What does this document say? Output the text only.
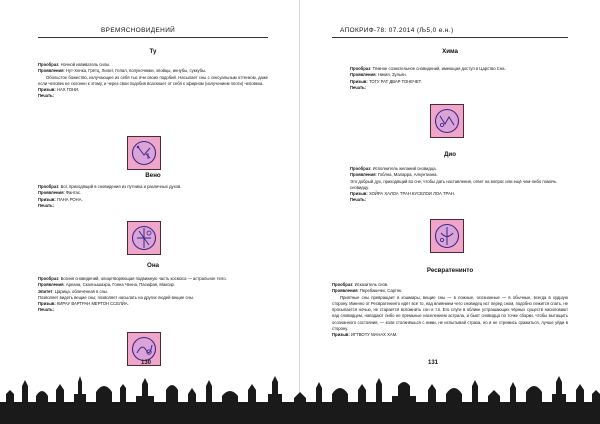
ВРЕМЯСНОВИДЕНИЙ
Ту

Прообраз: Ночной извиватель силы.

Проявления: Нут-Хенка, Грётц, Лилит, Гелал, полуночники, эпойцы, иннубы, суккубы.

Обольстое божество, излучающее из себя тыс ячи своих подобий. Насылает сны с сексуальным оттенком, даже если человек не склонен к этому, и через свои подобия всаскнает от себя к эфирном (излучением плоти) человека.

Призыв: НАХ ГОНИ.

Печать:

Вено

Прообраз: Бог, приходящий в сновидения из путника и различных духов.

Проявления: Фантас.

Призыв: ПАНА РОНА.

Печать:

Она

Прообраз: Богиня сновидений, олицетворяющая подвижную часть космоса — астральное тело.

Проявления: Ареана, Скалнышахра, Гонна Ченна, Пасифая, Максир.

Эпитет: Царица, облечённая в сны.

Позволяет видеть вещие сны; позволяет насылать на других людей вещие сны.

Призыв: КИРАУ ВАРТРАН МЕРТОН ССЕЛЙА.

Печать:

130
АПОКРИФ-78: 07.2014 (Љ5,0 е.н.)
Хима

Прообраз: Тёмное сознательное сновидений, имеющая доступ в Царство Сна.

Проявления: Никия, Зульян.

Призыв: ТОГУ РАТ ДВАР ТОНЕЧЕТ.

Печать:

Дио

Прообраз: Исполнитель желаний сновидца.

Проявления: Гоблна, Маларра, Алкунтиана.

Это добрый дух, приходящий во сне, чтобы дать наставления, ответ на вопрос или ещё чем-либо помочь сновидцу.

Призыв: ХОЙРА ХАЛОА ТРАН КУСЕЛОИ ЛОА ТРАН.

Печать:

Ресвратенинто

Прообраз: Исказитель снов.

Проявления: Перебакичек, Сартнк.

Приятные сны превращает в кошмары, вещие сны — в ложные, осознанные — в обычные, всегда в худшую сторону. Именно от Ресвратенинто идёт всё то, над влиянием чего сновидец ист перед сном, подобно лежится спать, не просыпается ночью, не старается вспомнить сон и т.п. Его слуги в облике устрашающих чёрных существ насиловают над сновидцем, нападают либо не премьные населением астрала, и бьют сновидца по точке сборки, чтобы вытащить осознанного состояния, — коли столкнёшься с ними, не испытывай страха, но и не стремись сражаться, лучше уйди в сторону.

Призыв: ИГТВОТУ МАНАХ ХАМ.

131
